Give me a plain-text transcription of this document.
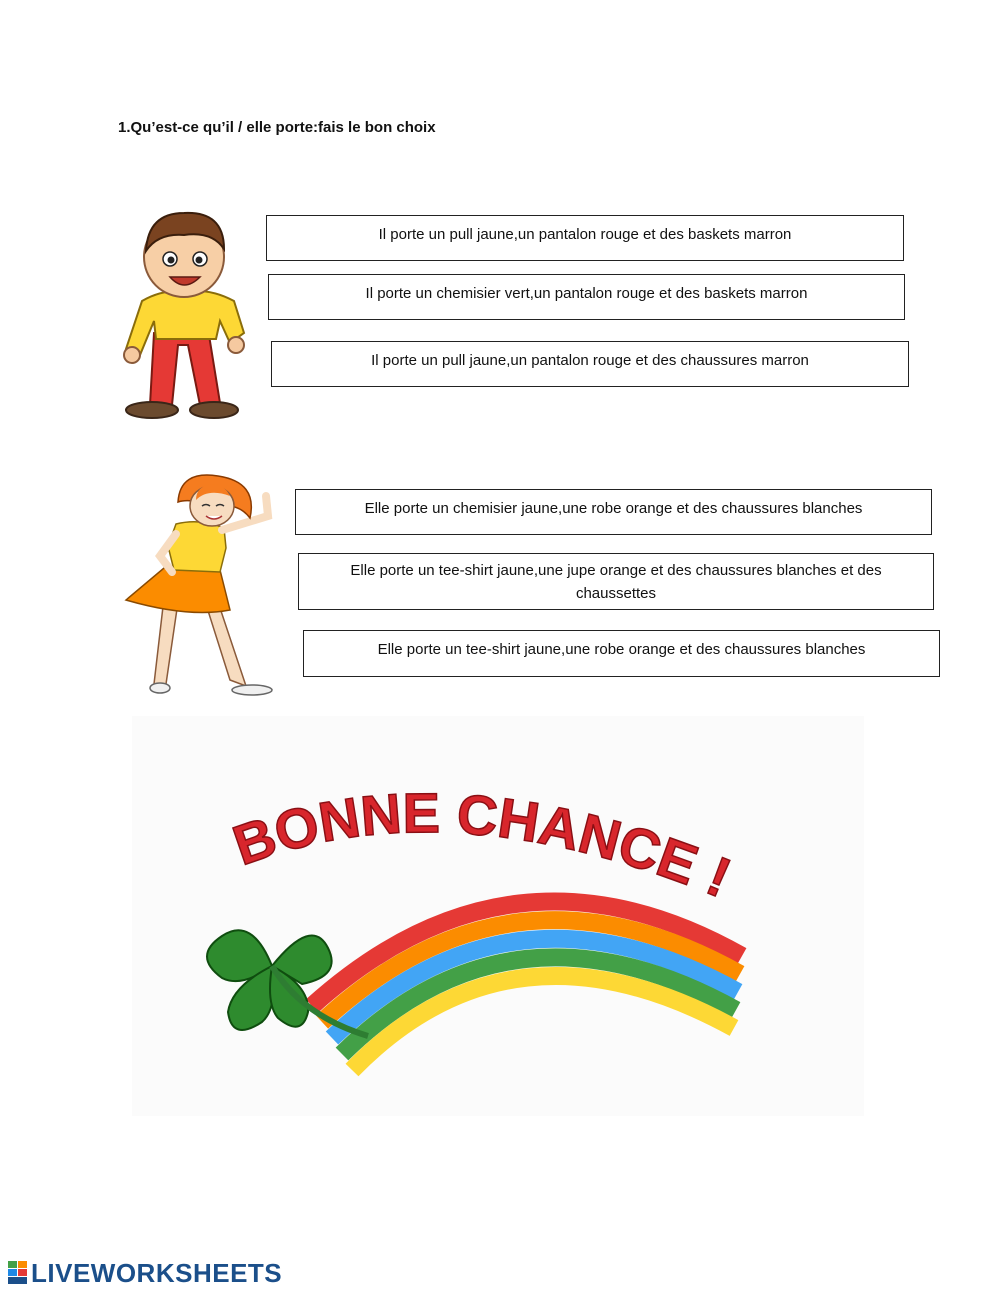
1.Qu’est-ce qu’il / elle porte:fais le bon choix
Il porte un pull jaune,un pantalon rouge et des baskets marron
Il porte un chemisier vert,un pantalon rouge et des baskets marron
Il porte un pull jaune,un pantalon rouge et des chaussures marron
Elle porte un chemisier jaune,une robe orange et des chaussures blanches
Elle porte un tee-shirt jaune,une jupe orange et des chaussures blanches et des chaussettes
Elle porte un tee-shirt jaune,une robe orange et des chaussures blanches
BONNE CHANCE !
LIVEWORKSHEETS
